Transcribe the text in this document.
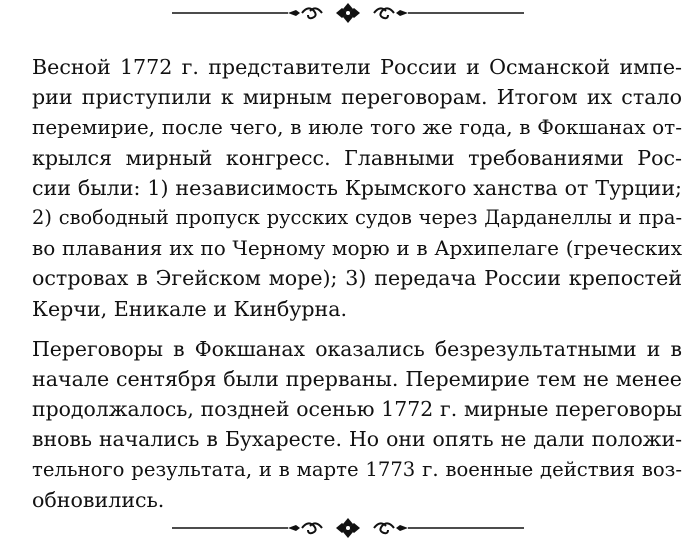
Весной 1772 г. представители России и Османской импе-
рии приступили к мирным переговорам. Итогом их стало
перемирие, после чего, в июле того же года, в Фокшанах от-
крылся мирный конгресс. Главными требованиями Рос-
сии были: 1) независимость Крымского ханства от Турции;
2) свободный пропуск русских судов через Дарданеллы и пра-
во плавания их по Черному морю и в Архипелаге (греческих
островах в Эгейском море); 3) передача России крепостей
Керчи, Еникале и Кинбурна.

Переговоры в Фокшанах оказались безрезультатными и в
начале сентября были прерваны. Перемирие тем не менее
продолжалось, поздней осенью 1772 г. мирные переговоры
вновь начались в Бухаресте. Но они опять не дали положи-
тельного результата, и в марте 1773 г. военные действия воз-
обновились.
